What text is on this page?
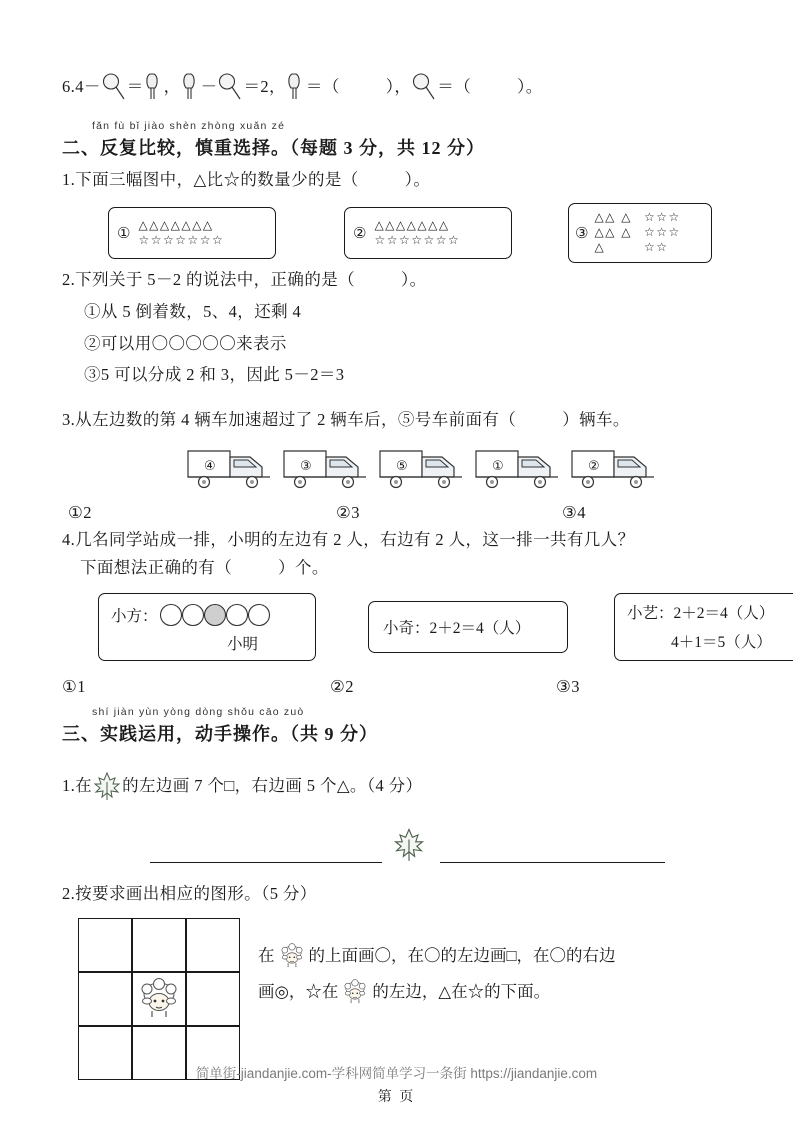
6. 4－ ＝ ， － ＝2， ＝（	）， ＝（	）。
fǎn fù bǐ jiào shèn zhòng xuǎn zé
二、反复比较，慎重选择。（每题 3 分，共 12 分）
1.下面三幅图中，△比☆的数量少的是（	）。
① △△△△△△△
☆☆☆☆☆☆☆	② △△△△△△△
☆☆☆☆☆☆☆	③
△△ △
△△ △
△
☆☆☆
☆☆☆
☆☆
2.下列关于 5－2 的说法中，正确的是（	）。
①从 5 倒着数，5、4，还剩 4
②可以用〇〇〇〇〇来表示
③5 可以分成 2 和 3，因此 5－2＝3
3.从左边数的第 4 辆车加速超过了 2 辆车后，⑤号车前面有（	）辆车。
④	③	⑤	①	②
①2	②3	③4
4.几名同学站成一排，小明的左边有 2 人，右边有 2 人，这一排一共有几人？
下面想法正确的有（	）个。
小方：
小明
小奇： 2＋2＝4（人）
小艺： 2＋2＝4（人）
4＋1＝5（人）
①1	②2	③3
shí jiàn yùn yòng dòng shǒu cāo zuò
三、实践运用，动手操作。（共 9 分）
1.在 的左边画 7 个□，右边画 5 个△。（4 分）
2.按要求画出相应的图形。（5 分）
在 的上面画〇，在〇的左边画□，在〇的右边
画◎，☆在 的左边，△在☆的下面。
简单街-jiandanjie.com-学科网简单学习一条街 https://jiandanjie.com
第 页
